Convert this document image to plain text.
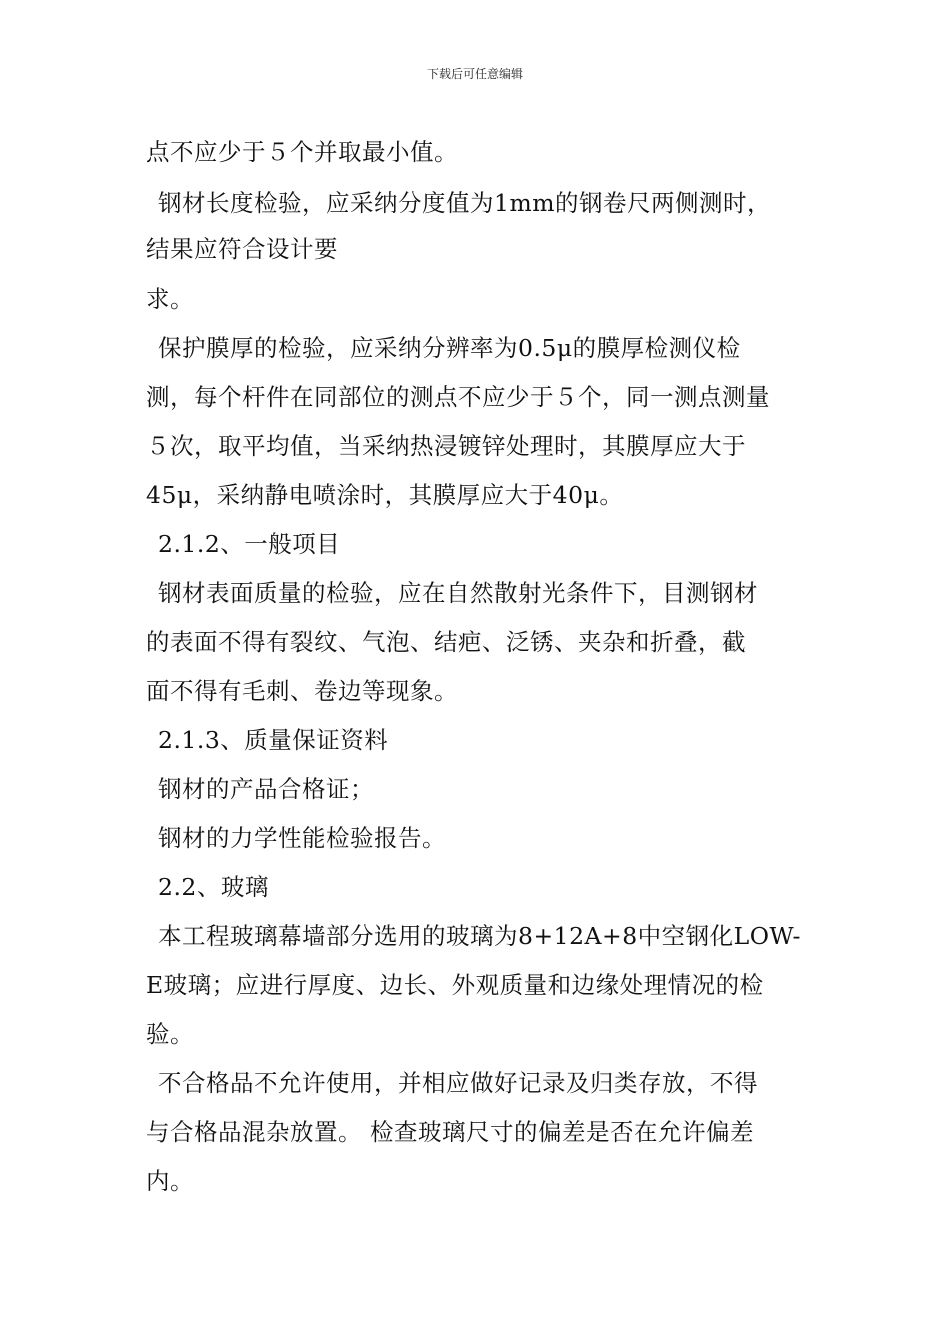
下载后可任意编辑
点不应少于５个并取最小值。
钢材长度检验，应采纳分度值为1mm的钢卷尺两侧测时，
结果应符合设计要
求。
保护膜厚的检验，应采纳分辨率为0.5μ的膜厚检测仪检
测，每个杆件在同部位的测点不应少于５个，同一测点测量
５次，取平均值，当采纳热浸镀锌处理时，其膜厚应大于
45μ，采纳静电喷涂时，其膜厚应大于40μ。
2.1.2、一般项目
钢材表面质量的检验，应在自然散射光条件下，目测钢材
的表面不得有裂纹、气泡、结疤、泛锈、夹杂和折叠，截
面不得有毛刺、卷边等现象。
2.1.3、质量保证资料
钢材的产品合格证；
钢材的力学性能检验报告。
2.2、玻璃
本工程玻璃幕墙部分选用的玻璃为8+12A+8中空钢化LOW-
E玻璃；应进行厚度、边长、外观质量和边缘处理情况的检
验。
不合格品不允许使用，并相应做好记录及归类存放，不得
与合格品混杂放置。 检查玻璃尺寸的偏差是否在允许偏差
内。
